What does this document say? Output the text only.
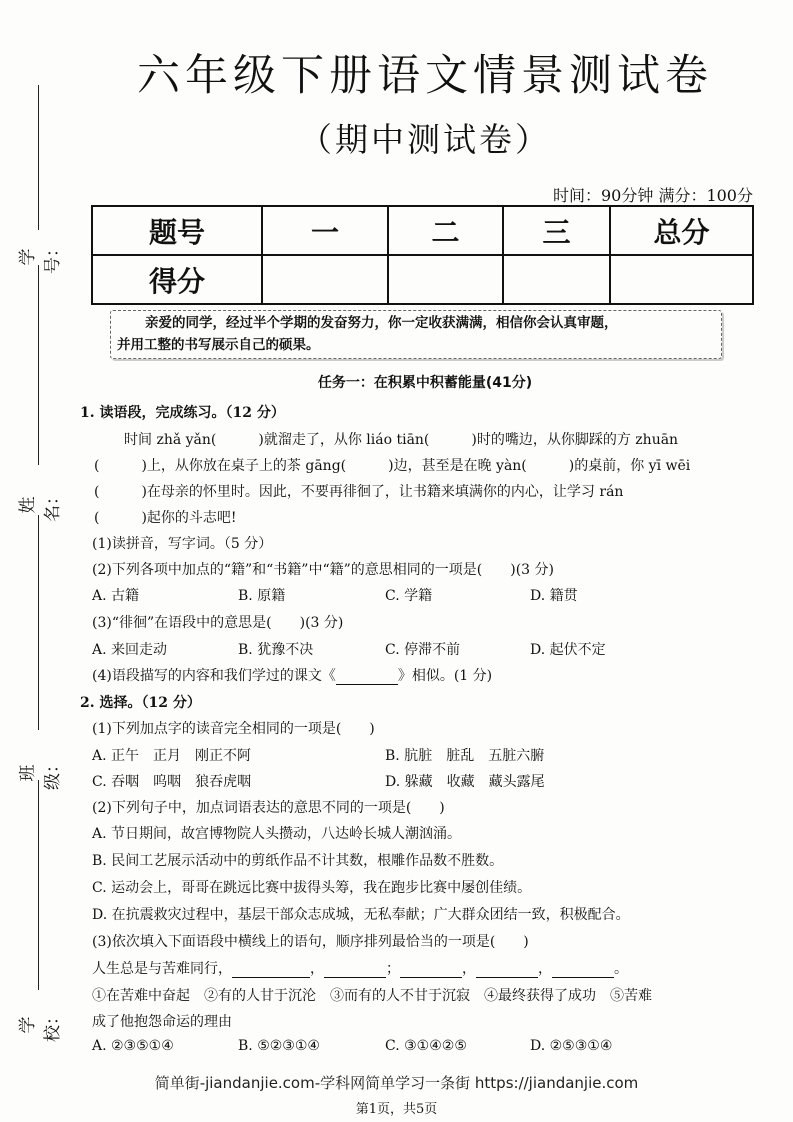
学号：
姓名：
班级：
学校：
六年级下册语文情景测试卷
（期中测试卷）
时间：90分钟 满分：100分
题号	一	二	三	总分
得分				
亲爱的同学，经过半个学期的发奋努力，你一定收获满满，相信你会认真审题，
并用工整的书写展示自己的硕果。
任务一：在积累中积蓄能量(41分)
1. 读语段，完成练习。（12 分）
时间 zhǎ yǎn(　　　)就溜走了，从你 liáo tiān(　　　)时的嘴边，从你脚踩的方 zhuān
(　　　)上，从你放在桌子上的茶 gāng(　　　)边，甚至是在晚 yàn(　　　)的桌前，你 yī wēi
(　　　)在母亲的怀里时。因此，不要再徘徊了，让书籍来填满你的内心，让学习 rán
(　　　)起你的斗志吧!
(1)读拼音，写字词。（5 分）
(2)下列各项中加点的“籍”和“书籍”中“籍”的意思相同的一项是(　　)(3 分)
A. 古籍	B. 原籍	C. 学籍	D. 籍贯
(3)“徘徊”在语段中的意思是(　　)(3 分)
A. 来回走动	B. 犹豫不决	C. 停滞不前	D. 起伏不定
(4)语段描写的内容和我们学过的课文《	》相似。(1 分)
2. 选择。（12 分）
(1)下列加点字的读音完全相同的一项是(　　)
A. 正午　正月　刚正不阿	B. 肮脏　脏乱　五脏六腑
C. 吞咽　呜咽　狼吞虎咽	D. 躲藏　收藏　藏头露尾
(2)下列句子中，加点词语表达的意思不同的一项是(　　)
A. 节日期间，故宫博物院人头攒动，八达岭长城人潮汹涌。
B. 民间工艺展示活动中的剪纸作品不计其数，根雕作品数不胜数。
C. 运动会上，哥哥在跳远比赛中拔得头筹，我在跑步比赛中屡创佳绩。
D. 在抗震救灾过程中，基层干部众志成城，无私奉献；广大群众团结一致，积极配合。
(3)依次填入下面语段中横线上的语句，顺序排列最恰当的一项是(　　)
人生总是与苦难同行，	，	；	，	，	。
①在苦难中奋起　②有的人甘于沉沦　③而有的人不甘于沉寂　④最终获得了成功　⑤苦难
成了他抱怨命运的理由
A. ②③⑤①④	B. ⑤②③①④	C. ③①④②⑤	D. ②⑤③①④
简单街-jiandanjie.com-学科网简单学习一条街 https://jiandanjie.com
第1页，共5页
